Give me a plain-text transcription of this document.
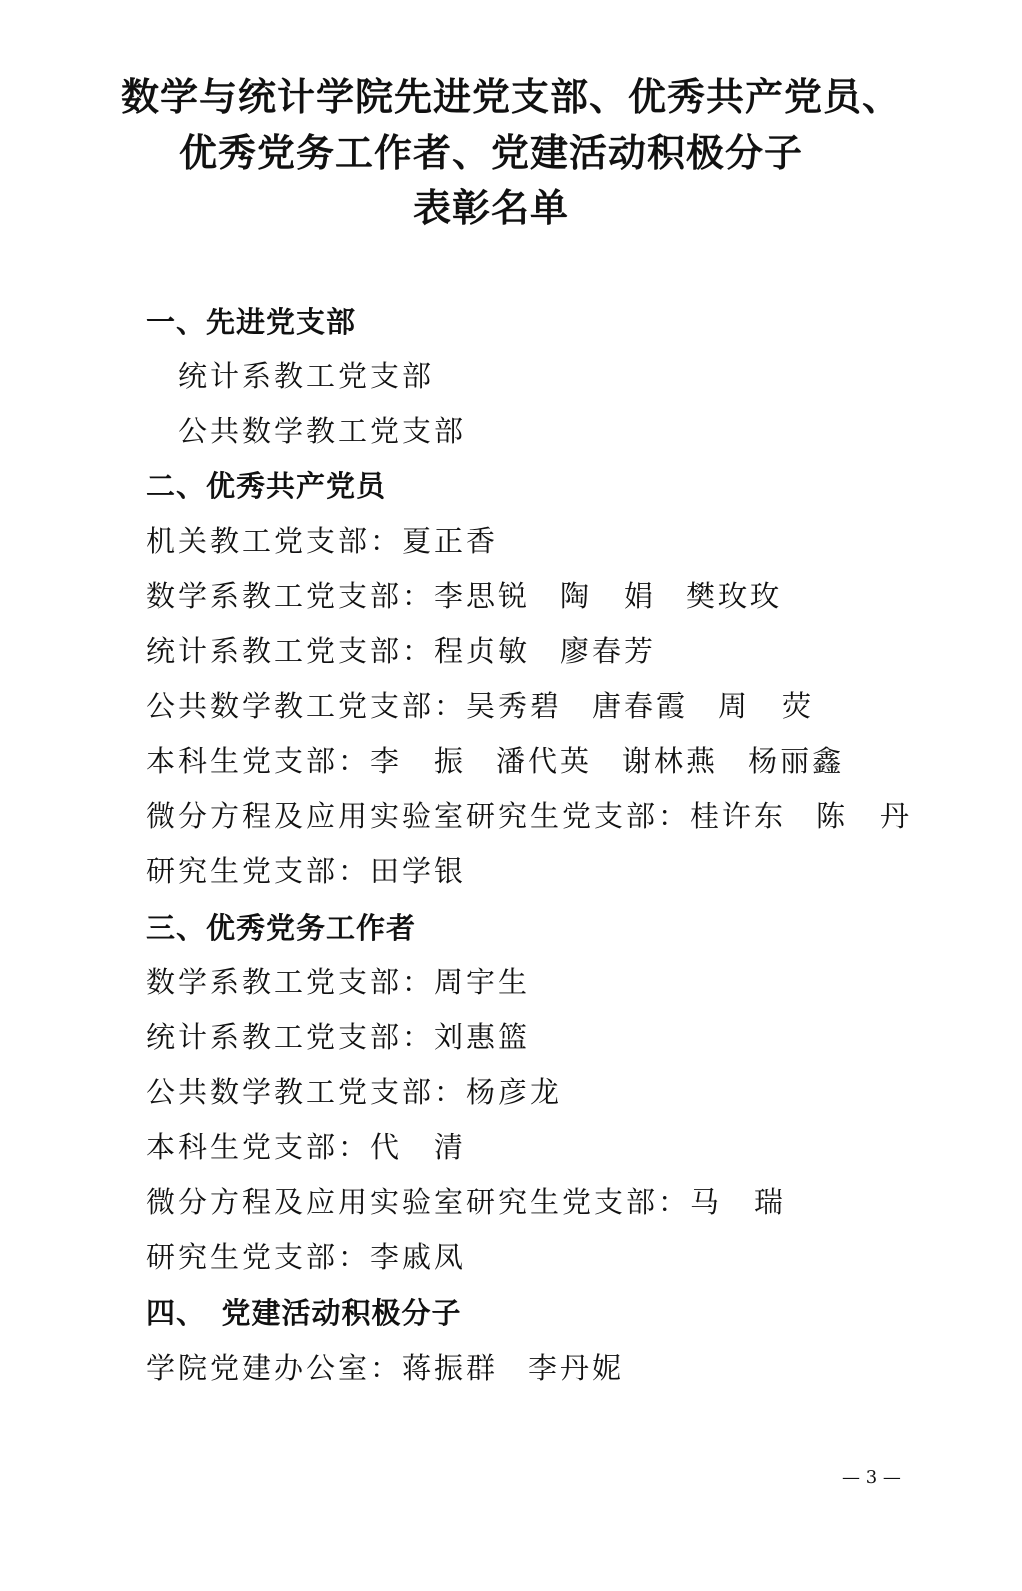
数学与统计学院先进党支部、优秀共产党员、
优秀党务工作者、党建活动积极分子
表彰名单
一、先进党支部
统计系教工党支部
公共数学教工党支部
二、优秀共产党员
机关教工党支部：夏正香
数学系教工党支部：李思锐 陶　娟 樊玫玫
统计系教工党支部：程贞敏 廖春芳
公共数学教工党支部：吴秀碧 唐春霞 周　荧
本科生党支部：李　振 潘代英 谢林燕 杨丽鑫
微分方程及应用实验室研究生党支部：桂许东 陈　丹
研究生党支部：田学银
三、优秀党务工作者
数学系教工党支部：周宇生
统计系教工党支部：刘惠篮
公共数学教工党支部：杨彦龙
本科生党支部：代　清
微分方程及应用实验室研究生党支部：马　瑞
研究生党支部：李戚凤
四、　党建活动积极分子
学院党建办公室：蒋振群 李丹妮
— 3 —
